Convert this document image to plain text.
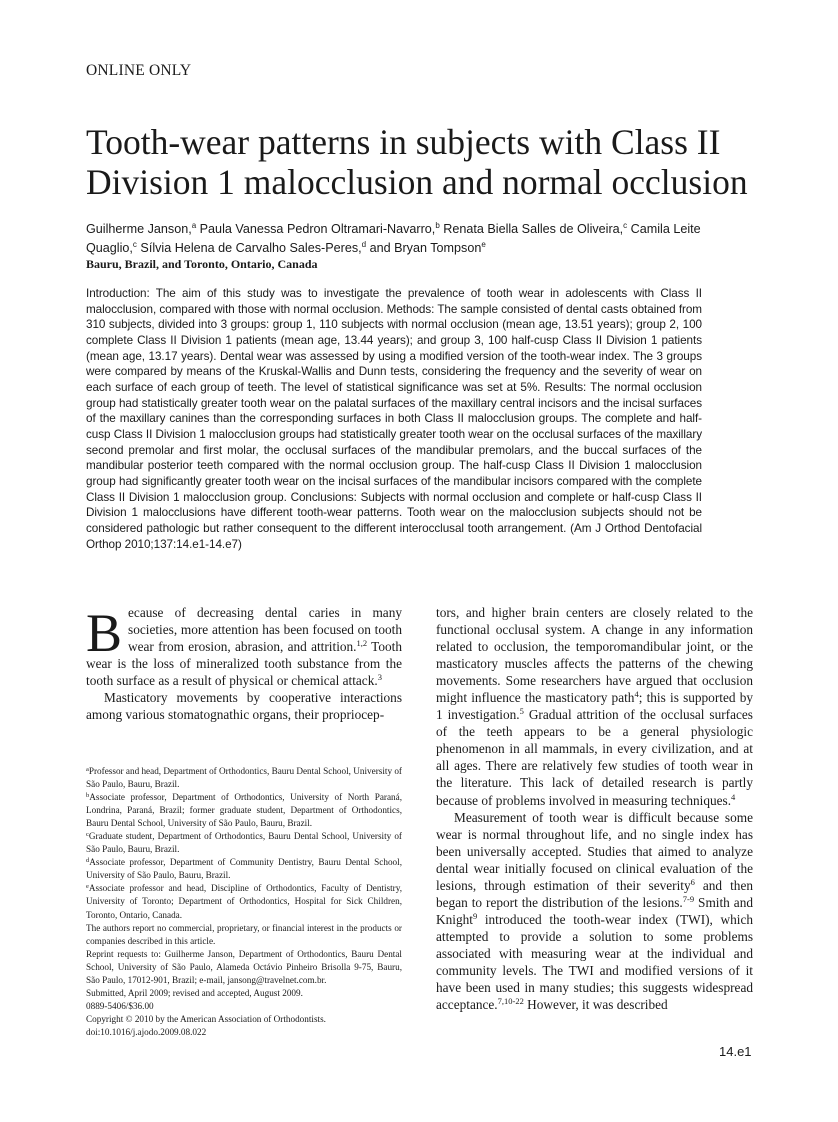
ONLINE ONLY
Tooth-wear patterns in subjects with Class II
Division 1 malocclusion and normal occlusion
Guilherme Janson,$^a$ Paula Vanessa Pedron Oltramari-Navarro,$^b$ Renata Biella Salles de Oliveira,$^c$ Camila Leite Quaglio,$^c$ Sílvia Helena de Carvalho Sales-Peres,$^d$ and Bryan Tompson$^e$
Bauru, Brazil, and Toronto, Ontario, Canada

Introduction: The aim of this study was to investigate the prevalence of tooth wear in adolescents with Class II malocclusion, compared with those with normal occlusion. Methods: The sample consisted of dental casts obtained from 310 subjects, divided into 3 groups: group 1, 110 subjects with normal occlusion (mean age, 13.51 years); group 2, 100 complete Class II Division 1 patients (mean age, 13.44 years); and group 3, 100 half-cusp Class II Division 1 patients (mean age, 13.17 years). Dental wear was assessed by using a modified version of the tooth-wear index. The 3 groups were compared by means of the Kruskal-Wallis and Dunn tests, considering the frequency and the severity of wear on each surface of each group of teeth. The level of statistical significance was set at 5%. Results: The normal occlusion group had statistically greater tooth wear on the palatal surfaces of the maxillary central incisors and the incisal surfaces of the maxillary canines than the corresponding surfaces in both Class II malocclusion groups. The complete and half-cusp Class II Division 1 malocclusion groups had statistically greater tooth wear on the occlusal surfaces of the maxillary second premolar and first molar, the occlusal surfaces of the mandibular premolars, and the buccal surfaces of the mandibular posterior teeth compared with the normal occlusion group. The half-cusp Class II Division 1 malocclusion group had significantly greater tooth wear on the incisal surfaces of the mandibular incisors compared with the complete Class II Division 1 malocclusion group. Conclusions: Subjects with normal occlusion and complete or half-cusp Class II Division 1 malocclusions have different tooth-wear patterns. Tooth wear on the malocclusion subjects should not be considered pathologic but rather consequent to the different interocclusal tooth arrangement. (Am J Orthod Dentofacial Orthop 2010;137:14.e1-14.e7)

Because of decreasing dental caries in many societies, more attention has been focused on tooth wear from erosion, abrasion, and attrition.$^{1,2}$ Tooth wear is the loss of mineralized tooth substance from the tooth surface as a result of physical or chemical attack.$^3$

Masticatory movements by cooperative interactions among various stomatognathic organs, their propriocep-

$^a$Professor and head, Department of Orthodontics, Bauru Dental School, University of São Paulo, Bauru, Brazil.
$^b$Associate professor, Department of Orthodontics, University of North Paraná, Londrina, Paraná, Brazil; former graduate student, Department of Orthodontics, Bauru Dental School, University of São Paulo, Bauru, Brazil.
$^c$Graduate student, Department of Orthodontics, Bauru Dental School, University of São Paulo, Bauru, Brazil.
$^d$Associate professor, Department of Community Dentistry, Bauru Dental School, University of São Paulo, Bauru, Brazil.
$^e$Associate professor and head, Discipline of Orthodontics, Faculty of Dentistry, University of Toronto; Department of Orthodontics, Hospital for Sick Children, Toronto, Ontario, Canada.
The authors report no commercial, proprietary, or financial interest in the products or companies described in this article.
Reprint requests to: Guilherme Janson, Department of Orthodontics, Bauru Dental School, University of São Paulo, Alameda Octávio Pinheiro Brisolla 9-75, Bauru, São Paulo, 17012-901, Brazil; e-mail, jansong@travelnet.com.br.
Submitted, April 2009; revised and accepted, August 2009.
0889-5406/$36.00
Copyright © 2010 by the American Association of Orthodontists.
doi:10.1016/j.ajodo.2009.08.022

tors, and higher brain centers are closely related to the functional occlusal system. A change in any information related to occlusion, the temporomandibular joint, or the masticatory muscles affects the patterns of the chewing movements. Some researchers have argued that occlusion might influence the masticatory path$^4$; this is supported by 1 investigation.$^5$ Gradual attrition of the occlusal surfaces of the teeth appears to be a general physiologic phenomenon in all mammals, in every civilization, and at all ages. There are relatively few studies of tooth wear in the literature. This lack of detailed research is partly because of problems involved in measuring techniques.$^4$

Measurement of tooth wear is difficult because some wear is normal throughout life, and no single index has been universally accepted. Studies that aimed to analyze dental wear initially focused on clinical evaluation of the lesions, through estimation of their severity$^6$ and then began to report the distribution of the lesions.$^{7-9}$ Smith and Knight$^9$ introduced the tooth-wear index (TWI), which attempted to provide a solution to some problems associated with measuring wear at the individual and community levels. The TWI and modified versions of it have been used in many studies; this suggests widespread acceptance.$^{7,10-22}$ However, it was described

14.e1
